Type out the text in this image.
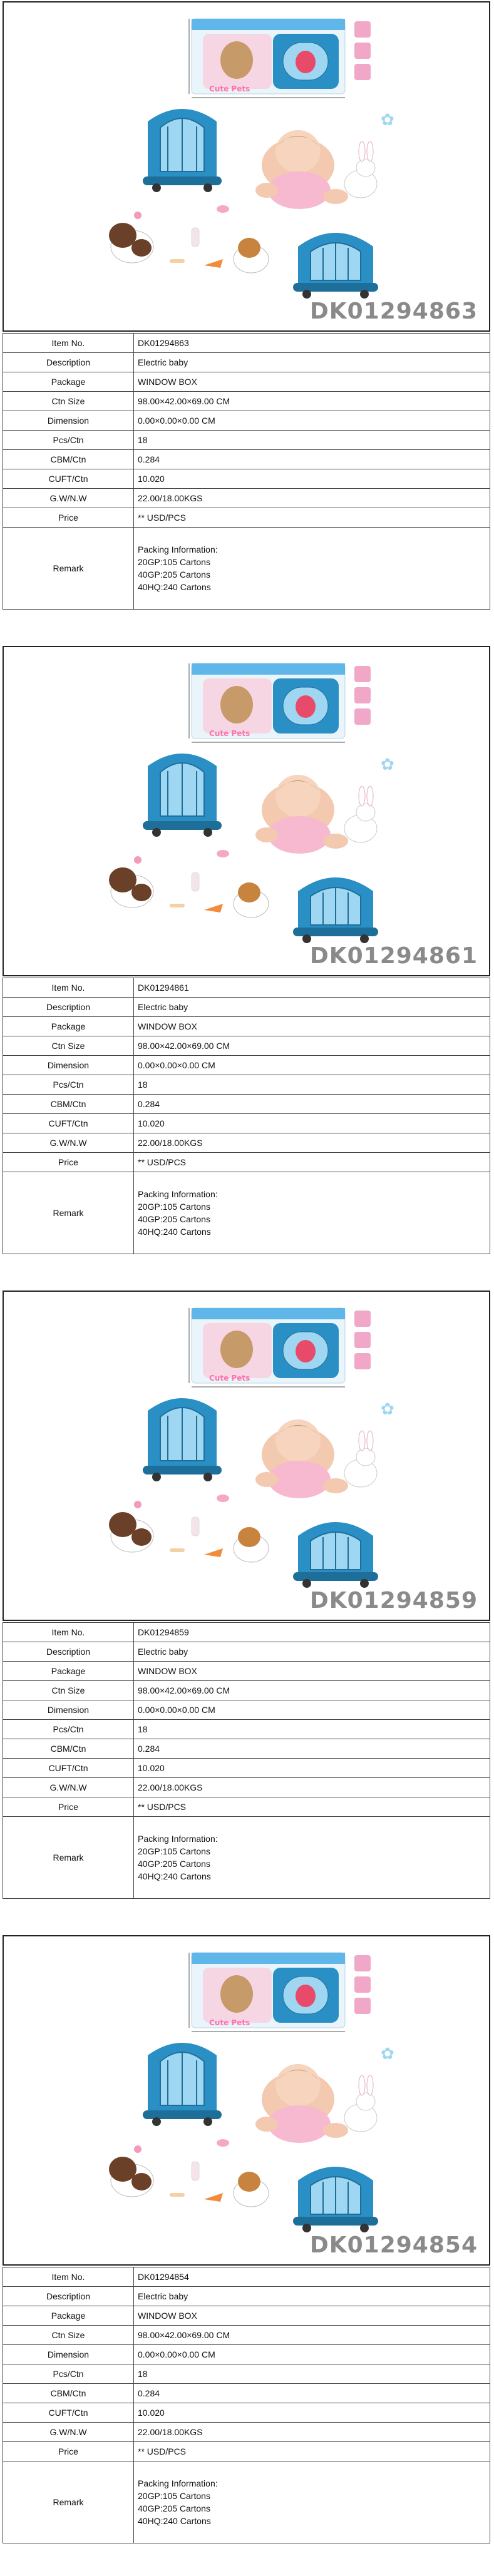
Cute Pets
✿
DK01294863
Item No.	DK01294863
Description	Electric baby
Package	WINDOW BOX
Ctn Size	98.00×42.00×69.00 CM
Dimension	0.00×0.00×0.00 CM
Pcs/Ctn	18
CBM/Ctn	0.284
CUFT/Ctn	10.020
G.W/N.W	22.00/18.00KGS
Price	** USD/PCS
Remark	Packing Information:
20GP:105 Cartons
40GP:205 Cartons
40HQ:240 Cartons
Cute Pets
✿
DK01294861
Item No.	DK01294861
Description	Electric baby
Package	WINDOW BOX
Ctn Size	98.00×42.00×69.00 CM
Dimension	0.00×0.00×0.00 CM
Pcs/Ctn	18
CBM/Ctn	0.284
CUFT/Ctn	10.020
G.W/N.W	22.00/18.00KGS
Price	** USD/PCS
Remark	Packing Information:
20GP:105 Cartons
40GP:205 Cartons
40HQ:240 Cartons
Cute Pets
✿
DK01294859
Item No.	DK01294859
Description	Electric baby
Package	WINDOW BOX
Ctn Size	98.00×42.00×69.00 CM
Dimension	0.00×0.00×0.00 CM
Pcs/Ctn	18
CBM/Ctn	0.284
CUFT/Ctn	10.020
G.W/N.W	22.00/18.00KGS
Price	** USD/PCS
Remark	Packing Information:
20GP:105 Cartons
40GP:205 Cartons
40HQ:240 Cartons
Cute Pets
✿
DK01294854
Item No.	DK01294854
Description	Electric baby
Package	WINDOW BOX
Ctn Size	98.00×42.00×69.00 CM
Dimension	0.00×0.00×0.00 CM
Pcs/Ctn	18
CBM/Ctn	0.284
CUFT/Ctn	10.020
G.W/N.W	22.00/18.00KGS
Price	** USD/PCS
Remark	Packing Information:
20GP:105 Cartons
40GP:205 Cartons
40HQ:240 Cartons
